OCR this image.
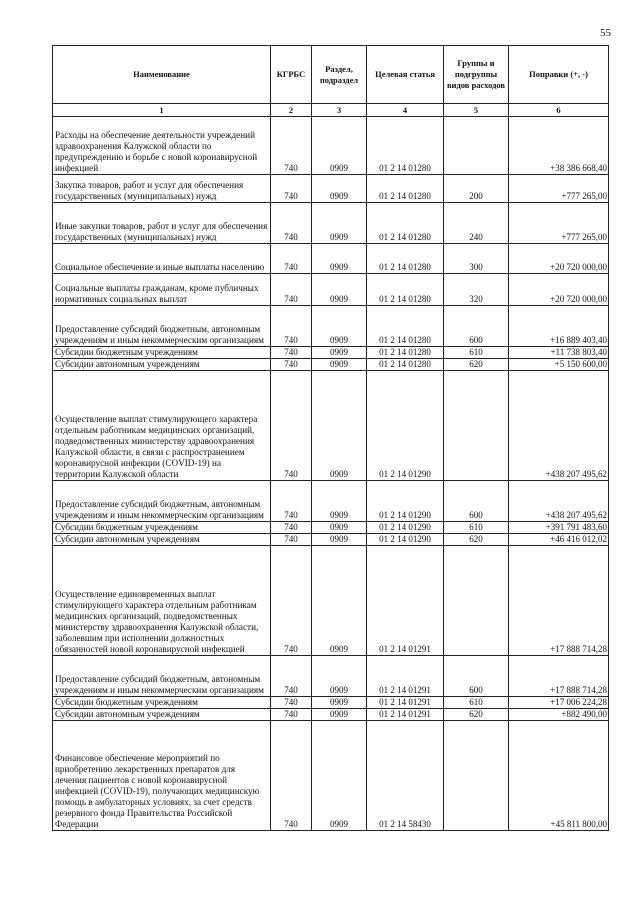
55
Наименование	КГРБС	Раздел, подраздел	Целевая статья	Группы и подгруппы видов расходов	Поправки (+, -)
1	2	3	4	5	6
Расходы на обеспечение деятельности учреждений здравоохранения Калужской области по предупреждению и борьбе с новой коронавирусной инфекцией	740	0909	01 2 14 01280		+38 386 668,40
Закупка товаров, работ и услуг для обеспечения государственных (муниципальных) нужд	740	0909	01 2 14 01280	200	+777 265,00
Иные закупки товаров, работ и услуг для обеспечения государственных (муниципальных) нужд	740	0909	01 2 14 01280	240	+777 265,00
Социальное обеспечение и иные выплаты населению	740	0909	01 2 14 01280	300	+20 720 000,00
Социальные выплаты гражданам, кроме публичных нормативных социальных выплат	740	0909	01 2 14 01280	320	+20 720 000,00
Предоставление субсидий бюджетным, автономным учреждениям и иным некоммерческим организациям	740	0909	01 2 14 01280	600	+16 889 403,40
Субсидии бюджетным учреждениям	740	0909	01 2 14 01280	610	+11 738 803,40
Субсидии автономным учреждениям	740	0909	01 2 14 01280	620	+5 150 600,00
Осуществление выплат стимулирующего характера отдельным работникам медицинских организаций, подведомственных министерству здравоохранения Калужской области, в связи с распространением коронавирусной инфекции (COVID-19) на территории Калужской области	740	0909	01 2 14 01290		+438 207 495,62
Предоставление субсидий бюджетным, автономным учреждениям и иным некоммерческим организациям	740	0909	01 2 14 01290	600	+438 207 495,62
Субсидии бюджетным учреждениям	740	0909	01 2 14 01290	610	+391 791 483,60
Субсидии автономным учреждениям	740	0909	01 2 14 01290	620	+46 416 012,02
Осуществление единовременных выплат стимулирующего характера отдельным работникам медицинских организаций, подведомственных министерству здравоохранения Калужской области, заболевшим при исполнении должностных обязанностей новой коронавирусной инфекцией	740	0909	01 2 14 01291		+17 888 714,28
Предоставление субсидий бюджетным, автономным учреждениям и иным некоммерческим организациям	740	0909	01 2 14 01291	600	+17 888 714,28
Субсидии бюджетным учреждениям	740	0909	01 2 14 01291	610	+17 006 224,28
Субсидии автономным учреждениям	740	0909	01 2 14 01291	620	+882 490,00
Финансовое обеспечение мероприятий по приобретению лекарственных препаратов для лечения пациентов с новой коронавирусной инфекцией (COVID-19), получающих медицинскую помощь в амбулаторных условиях, за счет средств резервного фонда Правительства Российской Федерации	740	0909	01 2 14 58430		+45 811 800,00
